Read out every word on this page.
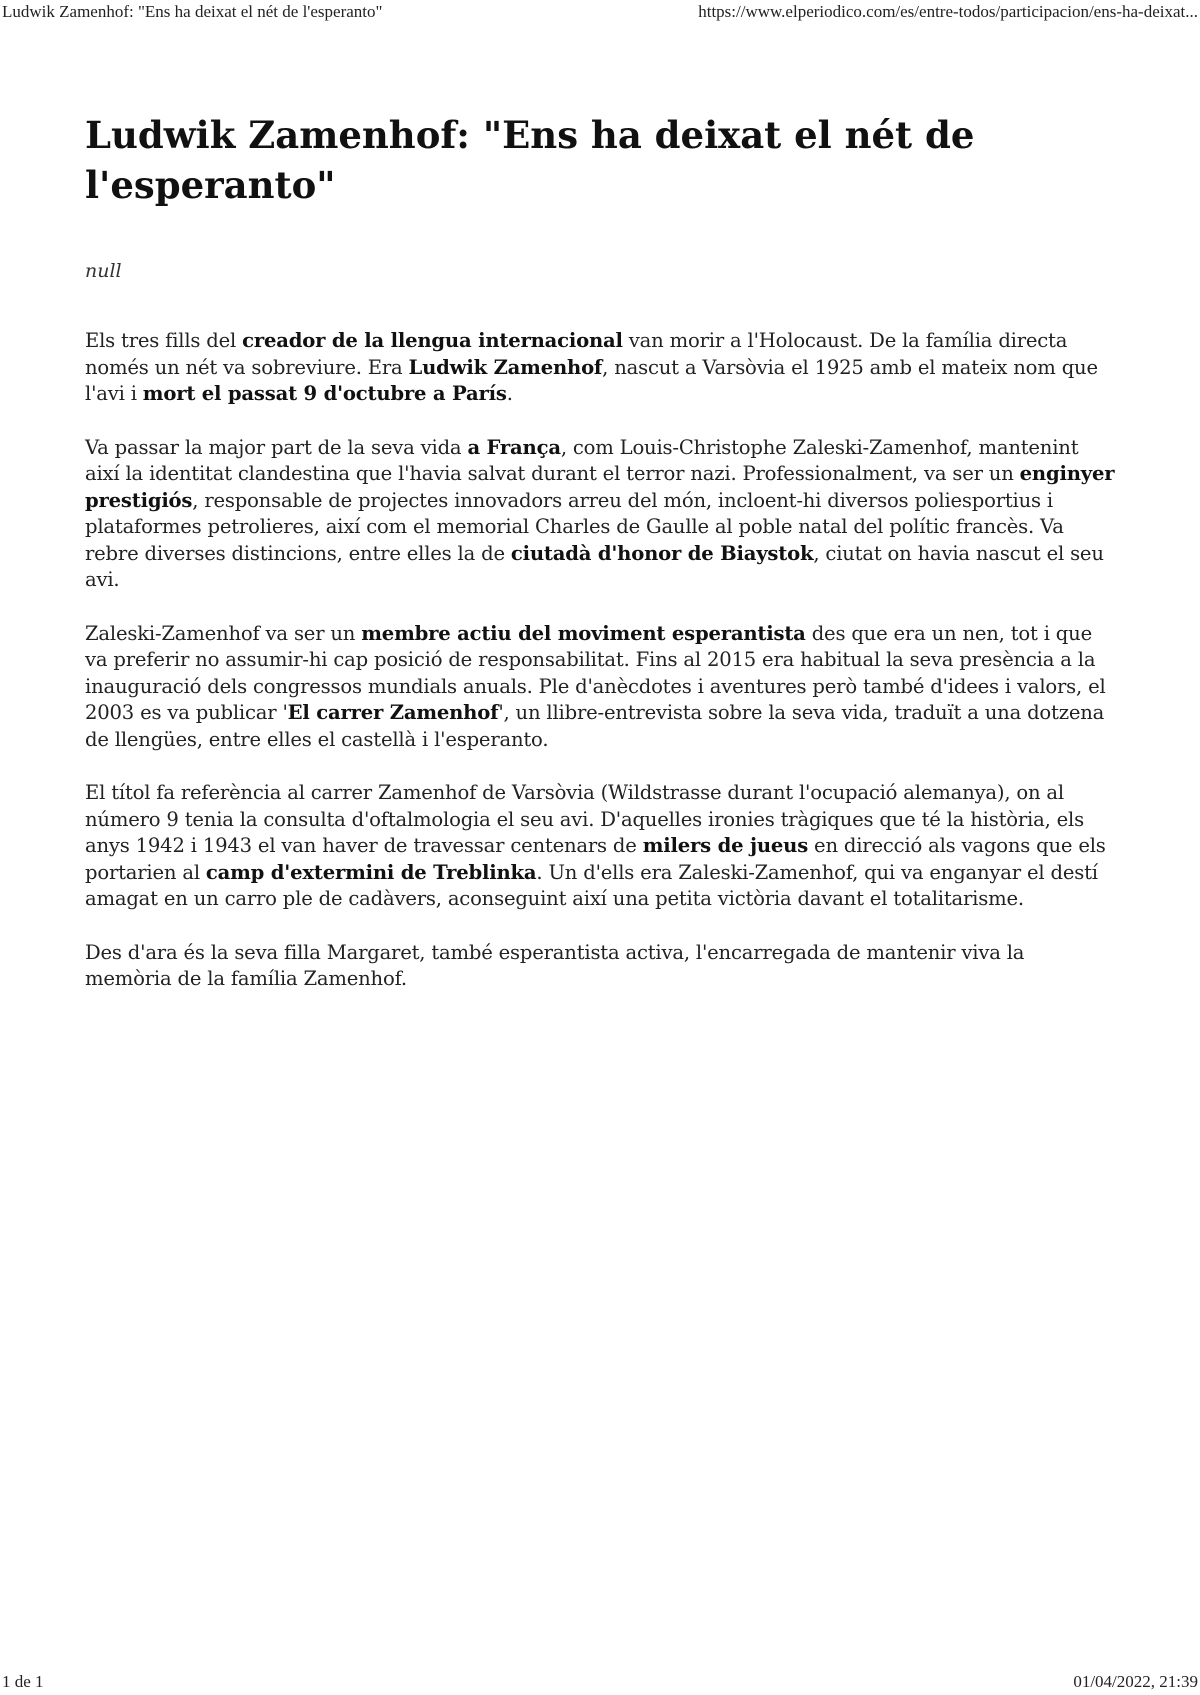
Ludwik Zamenhof: "Ens ha deixat el nét de l'esperanto"	https://www.elperiodico.com/es/entre-todos/participacion/ens-ha-deixat...
Ludwik Zamenhof: "Ens ha deixat el nét de l'esperanto"
null

Els tres fills del creador de la llengua internacional van morir a l'Holocaust. De la família directa només un nét va sobreviure. Era Ludwik Zamenhof, nascut a Varsòvia el 1925 amb el mateix nom que l'avi i mort el passat 9 d'octubre a París.

Va passar la major part de la seva vida a França, com Louis-Christophe Zaleski-Zamenhof, mantenint així la identitat clandestina que l'havia salvat durant el terror nazi. Professionalment, va ser un enginyer prestigiós, responsable de projectes innovadors arreu del món, incloent-hi diversos poliesportius i plataformes petrolieres, així com el memorial Charles de Gaulle al poble natal del polític francès. Va rebre diverses distincions, entre elles la de ciutadà d'honor de Biaystok, ciutat on havia nascut el seu avi.

Zaleski-Zamenhof va ser un membre actiu del moviment esperantista des que era un nen, tot i que va preferir no assumir-hi cap posició de responsabilitat. Fins al 2015 era habitual la seva presència a la inauguració dels congressos mundials anuals. Ple d'anècdotes i aventures però també d'idees i valors, el 2003 es va publicar 'El carrer Zamenhof', un llibre-entrevista sobre la seva vida, traduït a una dotzena de llengües, entre elles el castellà i l'esperanto.

El títol fa referència al carrer Zamenhof de Varsòvia (Wildstrasse durant l'ocupació alemanya), on al número 9 tenia la consulta d'oftalmologia el seu avi. D'aquelles ironies tràgiques que té la història, els anys 1942 i 1943 el van haver de travessar centenars de milers de jueus en direcció als vagons que els portarien al camp d'extermini de Treblinka. Un d'ells era Zaleski-Zamenhof, qui va enganyar el destí amagat en un carro ple de cadàvers, aconseguint així una petita victòria davant el totalitarisme.

Des d'ara és la seva filla Margaret, també esperantista activa, l'encarregada de mantenir viva la memòria de la família Zamenhof.

1 de 1	01/04/2022, 21:39
